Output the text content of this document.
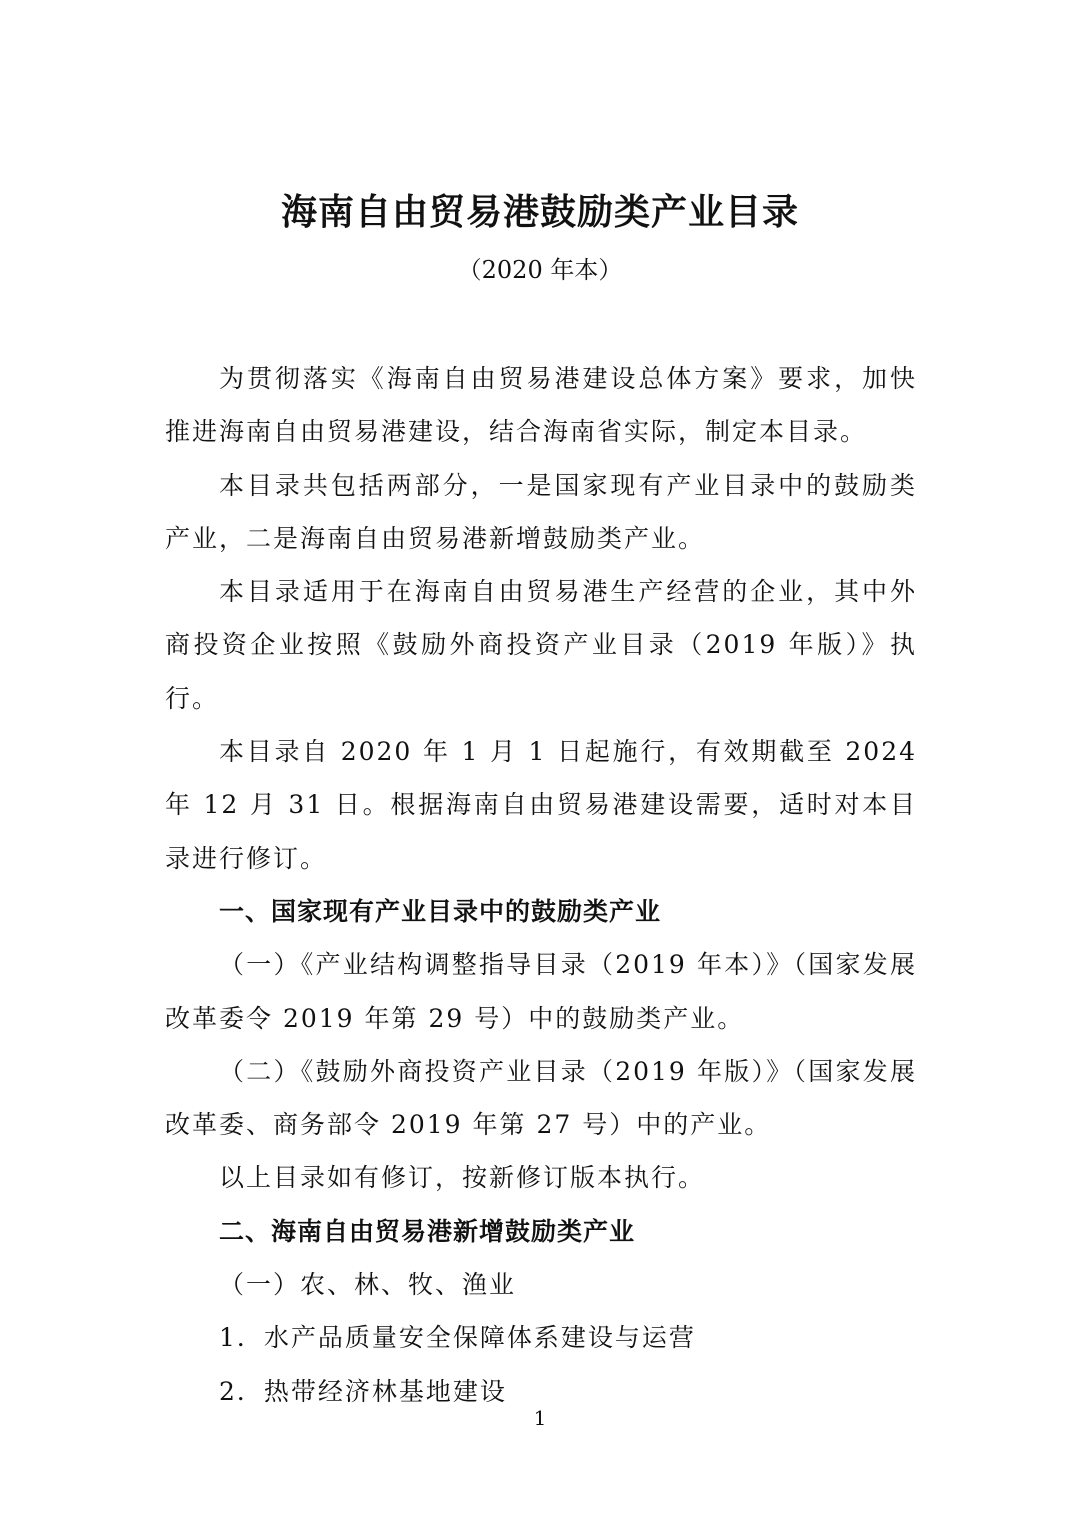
海南自由贸易港鼓励类产业目录
（2020 年本）

为贯彻落实《海南自由贸易港建设总体方案》要求，加快推进海南自由贸易港建设，结合海南省实际，制定本目录。

本目录共包括两部分，一是国家现有产业目录中的鼓励类产业，二是海南自由贸易港新增鼓励类产业。

本目录适用于在海南自由贸易港生产经营的企业，其中外商投资企业按照《鼓励外商投资产业目录（2019 年版）》执行。

本目录自 2020 年 1 月 1 日起施行，有效期截至 2024 年 12 月 31 日。根据海南自由贸易港建设需要，适时对本目录进行修订。

一、国家现有产业目录中的鼓励类产业

（一）《产业结构调整指导目录（2019 年本）》（国家发展改革委令 2019 年第 29 号）中的鼓励类产业。

（二）《鼓励外商投资产业目录（2019 年版）》（国家发展改革委、商务部令 2019 年第 27 号）中的产业。

以上目录如有修订，按新修订版本执行。

二、海南自由贸易港新增鼓励类产业

（一）农、林、牧、渔业

1．水产品质量安全保障体系建设与运营

2．热带经济林基地建设

1
